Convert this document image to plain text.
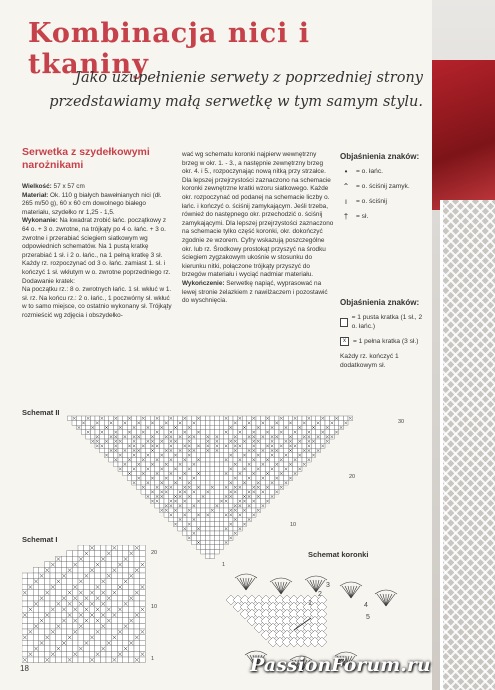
Kombinacja nici i tkaniny
Jako uzupełnienie serwety z poprzedniej strony
przedstawiamy małą serwetkę w tym samym stylu.
Serwetka z szydełkowymi narożnikami

Wielkość: 57 x 57 cm

Materiał: Ok. 110 g białych bawełnianych nici (dł. 265 m/50 g), 60 x 60 cm dowolnego białego materiału, szydełko nr 1,25 - 1,5.

Wykonanie: Na kwadrat zrobić łańc. początkowy z 64 o. + 3 o. zwrotne, na trójkąty po 4 o. łańc. + 3 o. zwrotne i przerabiać ściegiem siatkowym wg odpowiednich schematów. Na 1 pustą kratkę przerabiać 1 sł. i 2 o. łańc., na 1 pełną kratkę 3 sł. Każdy rz. rozpoczynać od 3 o. łańc. zamiast 1. sł. i kończyć 1 sł. wkłutym w o. zwrotne poprzedniego rz.

Dodawanie kratek:

Na początku rz.: 8 o. zwrotnych łańc. 1 sł. wkłuć w 1. sł. rz. Na końcu rz.: 2 o. łańc., 1 poczwórny sł. wkłuć w to samo miejsce, co ostatnio wykonany sł. Trójkąty rozmieścić wg zdjęcia i obszydełko-

wać wg schematu koronki najpierw wewnętrzny brzeg w okr. 1. - 3., a następnie zewnętrzny brzeg okr. 4. i 5., rozpoczynając nową nitką przy strzałce. Dla lepszej przejrzystości zaznaczono na schemacie koronki zewnętrzne kratki wzoru siatkowego. Każde okr. rozpoczynać od podanej na schemacie liczby o. łańc. i kończyć o. ściśnij zamykającym. Jeśli trzeba, również do następnego okr. przechodzić o. ściśnij zamykającymi. Dla lepszej przejrzystości zaznaczono na schemacie tylko część koronki, okr. dokończyć zgodnie ze wzorem. Cyfry wskazują poszczególne okr. lub rz. Środkowy prostokąt przyszyć na środku ściegiem zygzakowym ukośnie w stosunku do kierunku nitki, połączone trójkąty przyszyć do brzegów materiału i wyciąć nadmiar materiału.

Wykończenie: Serwetkę napiąć, wyprasować na lewej stronie żelazkiem z nawilżaczem i pozostawić do wyschnięcia.

Objaśnienia znaków:
•	= o. łańc.
⌃	= o. ściśnij zamyk.
ı	= o. ściśnij
†	= sł.
Objaśnienia znaków:
= 1 pusta kratka (1 sł., 2 o. łańc.)
x	= 1 pełna kratka (3 sł.)
Każdy rz. kończyć 1 dodatkowym sł.
Schemat II
30
20
10
1
Schemat I
20
10
1
Schemat koronki
3
2
1	4
5
18	PassionForum.ru
